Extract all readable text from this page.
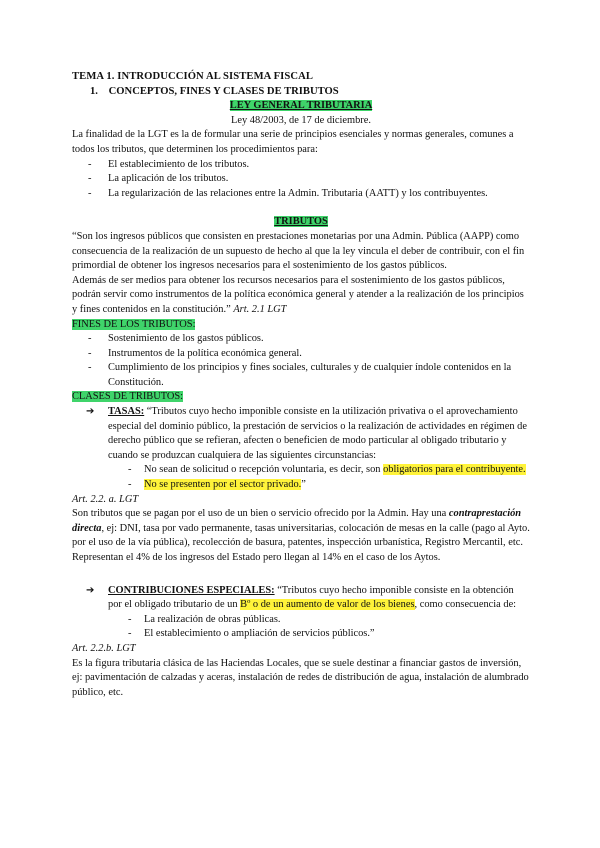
TEMA 1. INTRODUCCIÓN AL SISTEMA FISCAL

1. CONCEPTOS, FINES Y CLASES DE TRIBUTOS

LEY GENERAL TRIBUTARIA

Ley 48/2003, de 17 de diciembre.

La finalidad de la LGT es la de formular una serie de principios esenciales y normas generales, comunes a todos los tributos, que determinen los procedimientos para:

- El establecimiento de los tributos.
- La aplicación de los tributos.
- La regularización de las relaciones entre la Admin. Tributaria (AATT) y los contribuyentes.

TRIBUTOS

“Son los ingresos públicos que consisten en prestaciones monetarias por una Admin. Pública (AAPP) como consecuencia de la realización de un supuesto de hecho al que la ley vincula el deber de contribuir, con el fin primordial de obtener los ingresos necesarios para el sostenimiento de los gastos públicos.

Además de ser medios para obtener los recursos necesarios para el sostenimiento de los gastos públicos, podrán servir como instrumentos de la política económica general y atender a la realización de los principios y fines contenidos en la constitución.” Art. 2.1 LGT

FINES DE LOS TRIBUTOS:

- Sostenimiento de los gastos públicos.
- Instrumentos de la política económica general.
- Cumplimiento de los principios y fines sociales, culturales y de cualquier índole contenidos en la Constitución.

CLASES DE TRIBUTOS:

➔ TASAS: “Tributos cuyo hecho imponible consiste en la utilización privativa o el aprovechamiento especial del dominio público, la prestación de servicios o la realización de actividades en régimen de derecho público que se refieran, afecten o beneficien de modo particular al obligado tributario y cuando se produzcan cualquiera de las siguientes circunstancias:

- No sean de solicitud o recepción voluntaria, es decir, son obligatorios para el contribuyente.
- No se presenten por el sector privado.”

Art. 2.2. a. LGT

Son tributos que se pagan por el uso de un bien o servicio ofrecido por la Admin. Hay una contraprestación directa, ej: DNI, tasa por vado permanente, tasas universitarias, colocación de mesas en la calle (pago al Ayto. por el uso de la vía pública), recolección de basura, patentes, inspección urbanística, Registro Mercantil, etc.

Representan el 4% de los ingresos del Estado pero llegan al 14% en el caso de los Aytos.

➔ CONTRIBUCIONES ESPECIALES: “Tributos cuyo hecho imponible consiste en la obtención por el obligado tributario de un Bº o de un aumento de valor de los bienes, como consecuencia de:

- La realización de obras públicas.
- El establecimiento o ampliación de servicios públicos.”

Art. 2.2.b. LGT

Es la figura tributaria clásica de las Haciendas Locales, que se suele destinar a financiar gastos de inversión, ej: pavimentación de calzadas y aceras, instalación de redes de distribución de agua, instalación de alumbrado público, etc.
